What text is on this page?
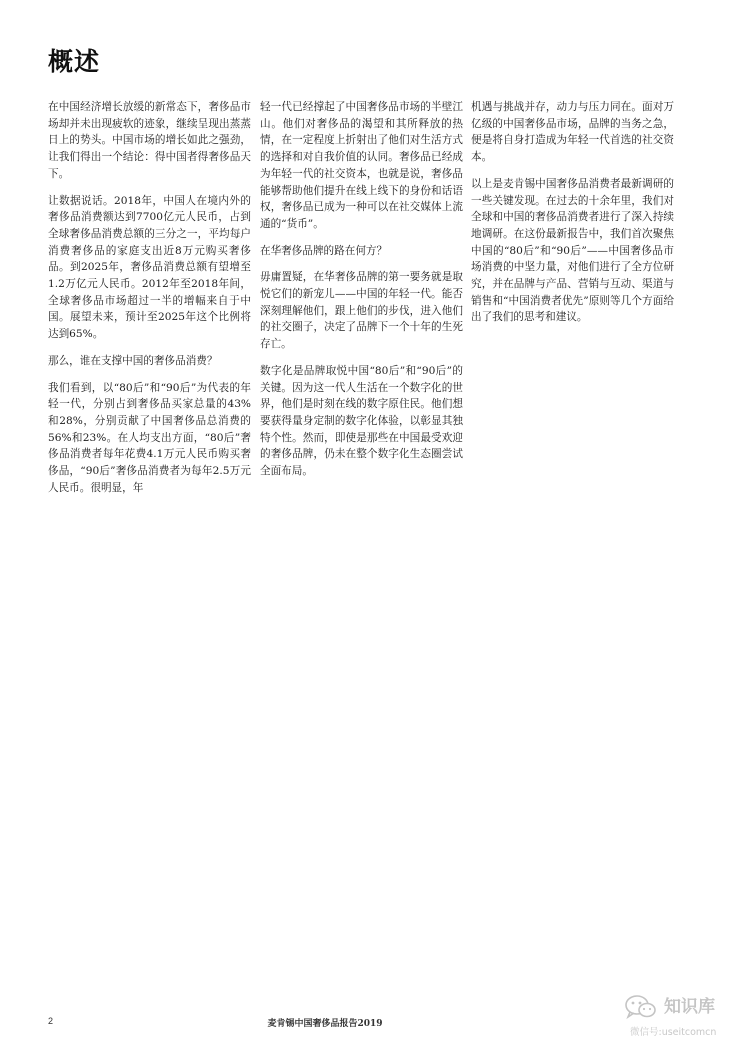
概述

在中国经济增长放缓的新常态下，奢侈品市场却并未出现疲软的迹象，继续呈现出蒸蒸日上的势头。中国市场的增长如此之强劲，让我们得出一个结论：得中国者得奢侈品天下。

让数据说话。2018年，中国人在境内外的奢侈品消费额达到7700亿元人民币，占到全球奢侈品消费总额的三分之一，平均每户消费奢侈品的家庭支出近8万元购买奢侈品。到2025年，奢侈品消费总额有望增至1.2万亿元人民币。2012年至2018年间，全球奢侈品市场超过一半的增幅来自于中国。展望未来，预计至2025年这个比例将达到65%。

那么，谁在支撑中国的奢侈品消费？

我们看到，以“80后”和“90后”为代表的年轻一代，分别占到奢侈品买家总量的43%和28%，分别贡献了中国奢侈品总消费的56%和23%。在人均支出方面，“80后”奢侈品消费者每年花费4.1万元人民币购买奢侈品，“90后”奢侈品消费者为每年2.5万元人民币。很明显，年

轻一代已经撑起了中国奢侈品市场的半壁江山。他们对奢侈品的渴望和其所释放的热情，在一定程度上折射出了他们对生活方式的选择和对自我价值的认同。奢侈品已经成为年轻一代的社交资本，也就是说，奢侈品能够帮助他们提升在线上线下的身份和话语权，奢侈品已成为一种可以在社交媒体上流通的“货币”。

在华奢侈品牌的路在何方？

毋庸置疑，在华奢侈品牌的第一要务就是取悦它们的新宠儿——中国的年轻一代。能否深刻理解他们，跟上他们的步伐，进入他们的社交圈子，决定了品牌下一个十年的生死存亡。

数字化是品牌取悦中国“80后”和“90后”的关键。因为这一代人生活在一个数字化的世界，他们是时刻在线的数字原住民。他们想要获得量身定制的数字化体验，以彰显其独特个性。然而，即使是那些在中国最受欢迎的奢侈品牌，仍未在整个数字化生态圈尝试全面布局。

机遇与挑战并存，动力与压力同在。面对万亿级的中国奢侈品市场，品牌的当务之急，便是将自身打造成为年轻一代首选的社交资本。

以上是麦肯锡中国奢侈品消费者最新调研的一些关键发现。在过去的十余年里，我们对全球和中国的奢侈品消费者进行了深入持续地调研。在这份最新报告中，我们首次聚焦中国的“80后”和“90后”——中国奢侈品市场消费的中坚力量，对他们进行了全方位研究，并在品牌与产品、营销与互动、渠道与销售和“中国消费者优先”原则等几个方面给出了我们的思考和建议。

2	麦肯锡中国奢侈品报告2019
知识库
微信号:useitcomcn
